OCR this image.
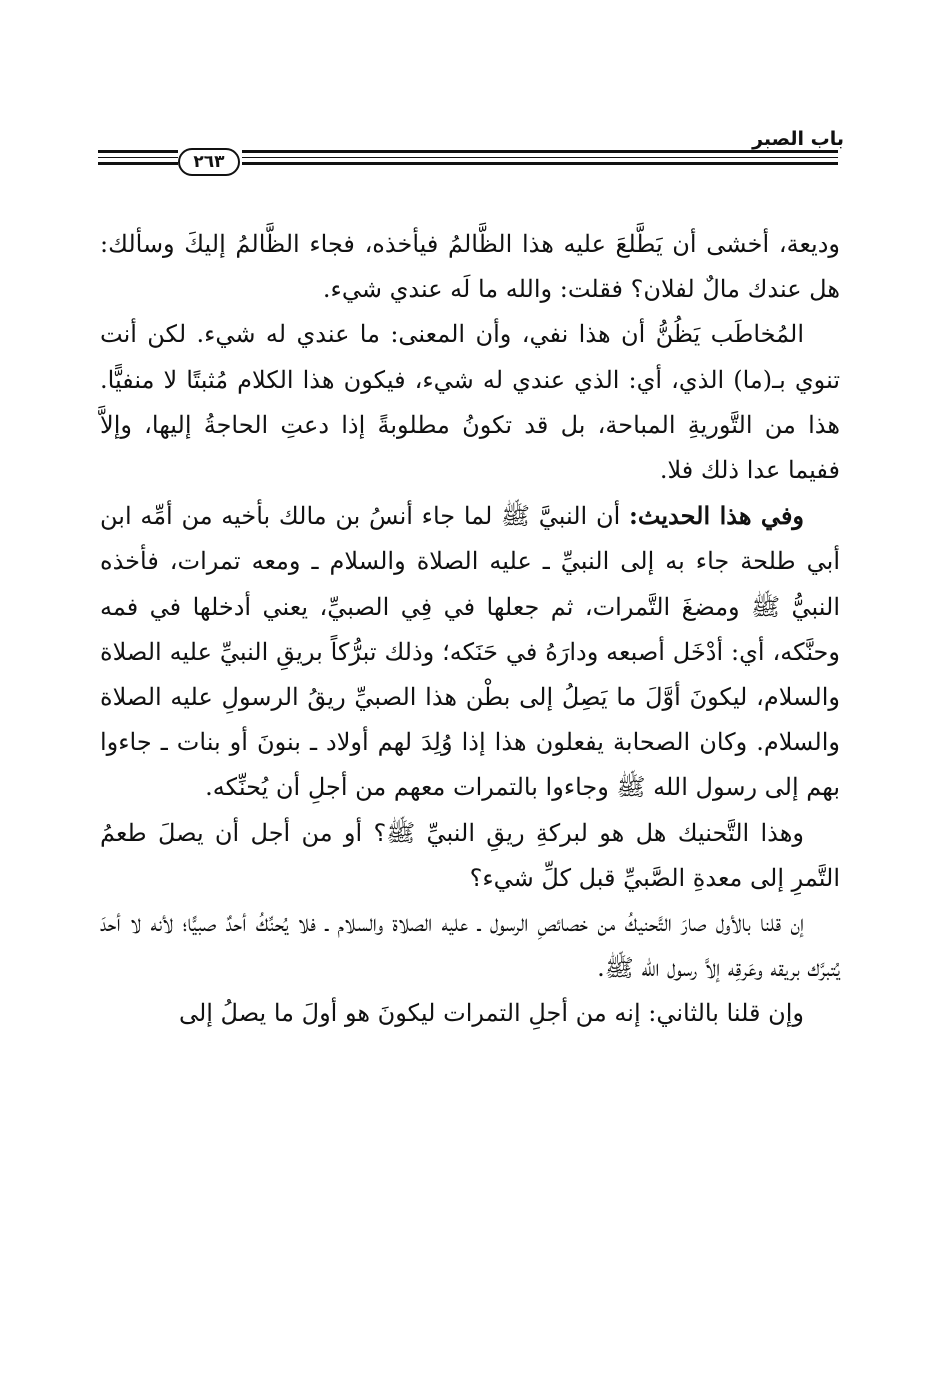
باب الصبر
٢٦٣

وديعة، أخشى أن يَطَّلعَ عليه هذا الظَّالمُ فيأخذه، فجاء الظَّالمُ إليكَ وسألك: هل عندك مالٌ لفلان؟ فقلت: والله ما لَه عندي شيء.

المُخاطَب يَظُنُّ أن هذا نفي، وأن المعنى: ما عندي له شيء. لكن أنت تنوي بـ(ما) الذي، أي: الذي عندي له شيء، فيكون هذا الكلام مُثبتًا لا منفيًّا. هذا من التَّوريةِ المباحة، بل قد تكونُ مطلوبةً إذا دعتِ الحاجةُ إليها، وإلاَّ ففيما عدا ذلك فلا.

وفي هذا الحديث: أن النبيَّ ﷺ لما جاء أنسُ بن مالك بأخيه من أمِّه ابن أبي طلحة جاء به إلى النبيِّ ـ عليه الصلاة والسلام ـ ومعه تمرات، فأخذه النبيُّ ﷺ ومضغَ التَّمرات، ثم جعلها في فِي الصبيِّ، يعني أدخلها في فمه وحنَّكه، أي: أدْخَل أصبعه ودارَهُ في حَنَكه؛ وذلك تبرُّكاً بريقِ النبيِّ عليه الصلاة والسلام، ليكونَ أوَّلَ ما يَصِلُ إلى بطْن هذا الصبيِّ ريقُ الرسولِ عليه الصلاة والسلام. وكان الصحابة يفعلون هذا إذا وُلِدَ لهم أولاد ـ بنونَ أو بنات ـ جاءوا بهم إلى رسول الله ﷺ وجاءوا بالتمرات معهم من أجلِ أن يُحنِّكه.

وهذا التَّحنيك هل هو لبركةِ ريقِ النبيِّ ﷺ؟ أو من أجل أن يصلَ طعمُ التَّمرِ إلى معدةِ الصَّبيِّ قبل كلِّ شيء؟

إن قلنا بالأول صارَ التَّحنيكُ من خصائصِ الرسول ـ عليه الصلاة والسلام ـ فلا يُحنِّكُ أحدٌ صبيًّا؛ لأنه لا أحدَ يُتبرَّك بريقه وعَرقِه إلاَّ رسول الله ﷺ.

وإن قلنا بالثاني: إنه من أجلِ التمرات ليكونَ هو أولَ ما يصلُ إلى
